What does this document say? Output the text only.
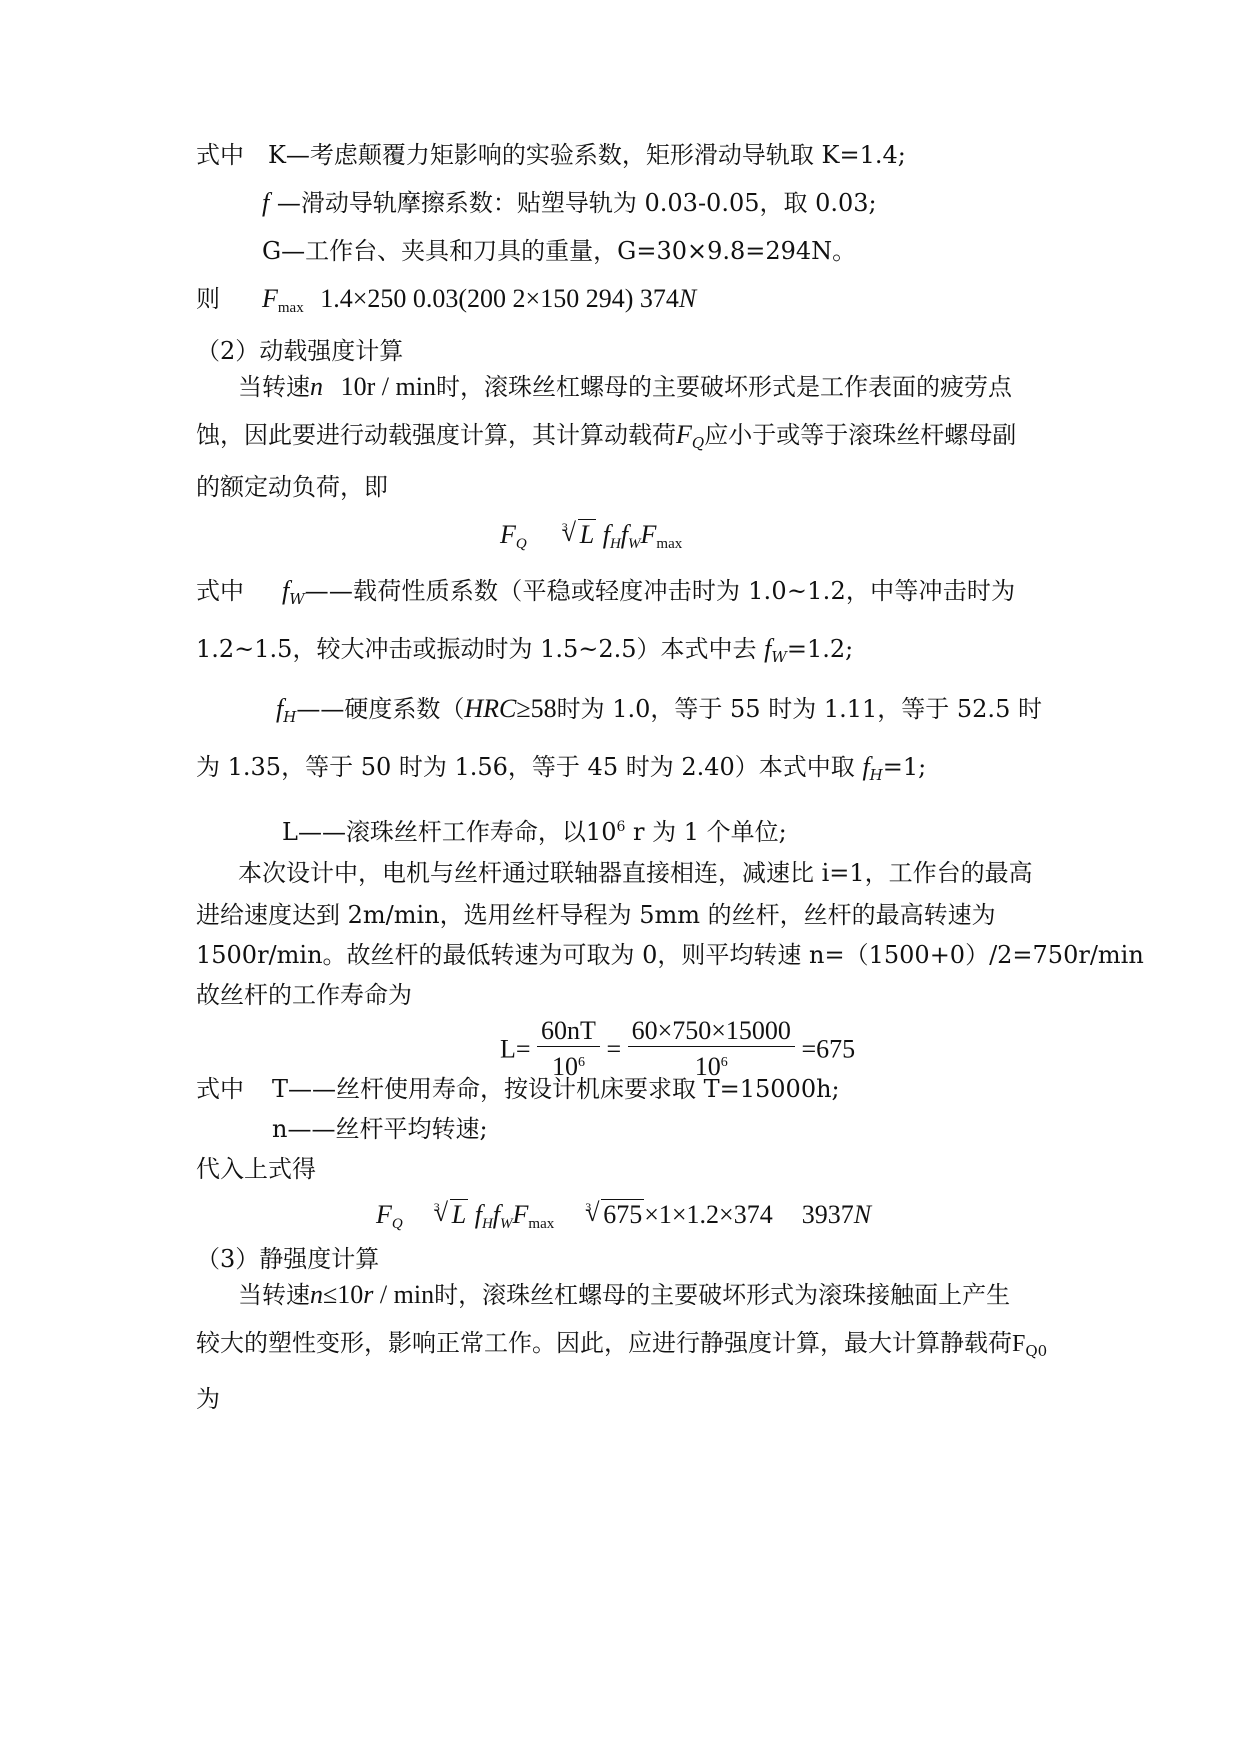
式中 K—考虑颠覆力矩影响的实验系数，矩形滑动导轨取 K=1.4;
f —滑动导轨摩擦系数：贴塑导轨为 0.03-0.05，取 0.03;
G—工作台、夹具和刀具的重量，G=30×9.8=294N。
则 $F_{max}$ 1.4×250 0.03(200 2×150 294) 374N
（2）动载强度计算
当转速n 10r / min时，滚珠丝杠螺母的主要破坏形式是工作表面的疲劳点
蚀，因此要进行动载强度计算，其计算动载荷$F_Q$应小于或等于滚珠丝杆螺母副
的额定动负荷，即
$F_Q$
√ 3 L $f_Hf_WF_{max}$
式中 $f_W——$载荷性质系数（平稳或轻度冲击时为 1.0~1.2，中等冲击时为
1.2~1.5，较大冲击或振动时为 1.5~2.5）本式中去 $f_W=1.2$;
$f_H——$硬度系数（HRC≥58时为 1.0，等于 55 时为 1.11，等于 52.5 时
为 1.35，等于 50 时为 1.56，等于 45 时为 2.40）本式中取 $f_H=1$;
L——滚珠丝杆工作寿命，以$10^6$ r 为 1 个单位;
本次设计中，电机与丝杆通过联轴器直接相连，减速比 i=1，工作台的最高
进给速度达到 2m/min，选用丝杆导程为 5mm 的丝杆，丝杆的最高转速为
1500r/min。故丝杆的最低转速为可取为 0，则平均转速 n=（1500+0）/2=750r/min
故丝杆的工作寿命为
$L= \frac{60nT}{10^6} = \frac{60\times 750\times 15000}{10^6} =675$
式中 T——丝杆使用寿命，按设计机床要求取 T=15000h;
n——丝杆平均转速;
代入上式得
$F_Q$
√ 3 L $f_Hf_WF_{max}$
√ 3 675×1×1.2×374 3937N
（3）静强度计算
当转速n≤10r / min时，滚珠丝杠螺母的主要破坏形式为滚珠接触面上产生
较大的塑性变形，影响正常工作。因此，应进行静强度计算，最大计算静载荷$F_{Q0}$
为
